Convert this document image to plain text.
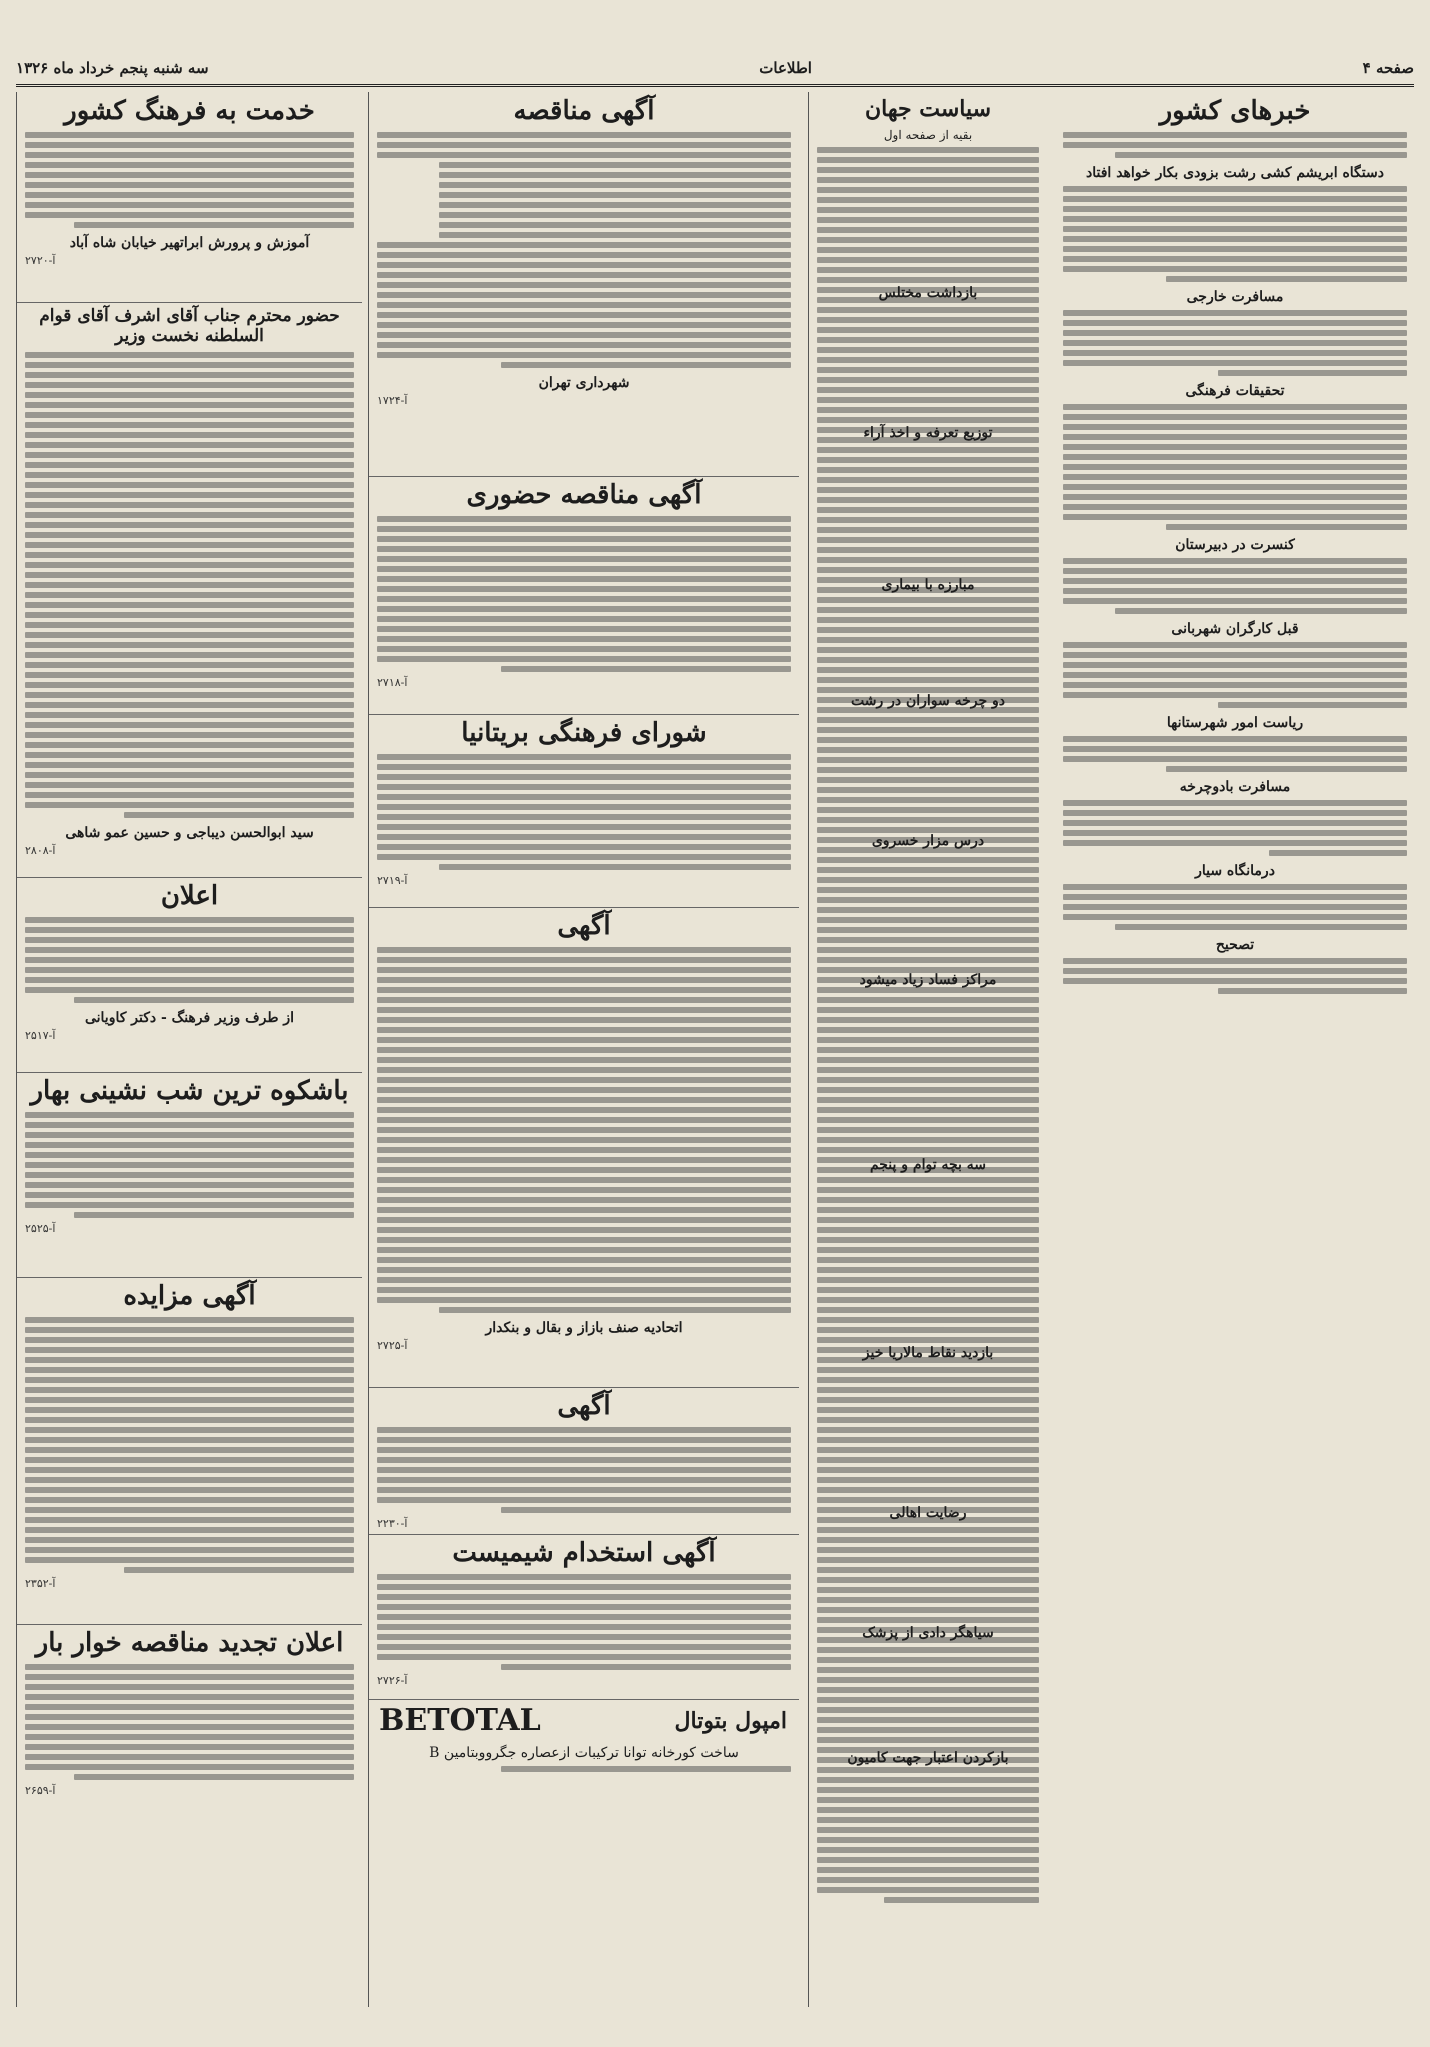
صفحه ۴
اطلاعات
سه شنبه پنجم خرداد ماه ۱۳۲۶
خبرهای کشور
دستگاه ابریشم کشی رشت بزودی بکار خواهد افتاد
مسافرت خارجی
تحقیقات فرهنگی
کنسرت در دبیرستان
قبل کارگران شهربانی
ریاست امور شهرستانها
مسافرت بادوچرخه
درمانگاه سیار
تصحیح
سیاست جهان
بقیه از صفحه اول
بازداشت مختلس
توزیع تعرفه و اخذ آراء
مبارزه با بیماری
دو چرخه سواران در رشت
درس مزار خسروی
مراکز فساد زیاد میشود
سه بچه توام و پنجم
بازدید نقاط مالاریا خیز
رضایت اهالی
سیاهگر دادی از پزشک
بازکردن اعتبار جهت کامیون
آگهی مناقصه
شهرداری تهران
آ-۱۷۲۴
آگهی مناقصه حضوری
آ-۲۷۱۸
شورای فرهنگی بریتانیا
آ-۲۷۱۹
آگهی
اتحادیه صنف بازاز و بقال و بنکدار
آ-۲۷۲۵
آگهی
آ-۲۲۳۰
آگهی استخدام شیمیست
آ-۲۷۲۶
امپول بتوتال
BETOTAL
ساخت کورخانه توانا ترکیبات ازعصاره جگرووبتامین B
خدمت به فرهنگ کشور
آموزش و پرورش ابراتهیر خیابان شاه آباد
آ-۲۷۲۰
حضور محترم جناب آقای اشرف آقای قوام السلطنه نخست وزیر
سید ابوالحسن دیباجی و حسین عمو شاهی
آ-۲۸۰۸
اعلان
از طرف وزیر فرهنگ - دکتر کاویانی
آ-۲۵۱۷
باشکوه ترین شب نشینی بهار
آ-۲۵۲۵
آگهی مزایده
آ-۲۳۵۲
اعلان تجدید مناقصه خوار بار
آ-۲۶۵۹
